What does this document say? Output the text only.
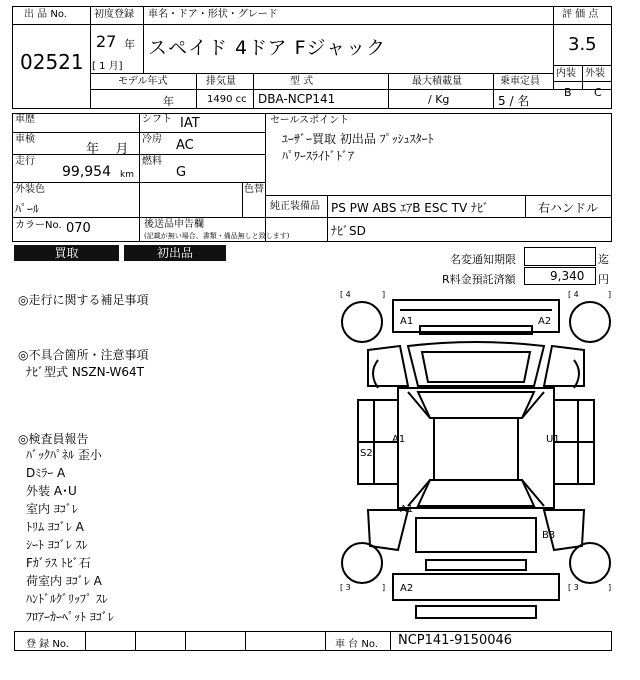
出 品 No.
02521
初度登録 車名・ドア・形状・グレード
27 年
[ 1 月]
スペイド 4ドア Fジャック
評 価 点
3.5
内装 外装
B C
モデル年式	排気量	型 式	最大積載量	乗車定員
年	1490 cc DBA-NCP141	/ Kg	5 / 名
車歴	シフト IAT
車検
年    月
冷房 AC
走行
99,954 km
燃料
G
セールスポイント
ﾕｰｻﾞｰ買取 初出品 ﾌﾟｯｼｭｽﾀｰﾄ
ﾊﾟﾜｰｽﾗｲﾄﾞﾄﾞｱ
外装色
ﾊﾟｰﾙ
色替
純正装備品 PS PW ABS ｴｱB ESC TV ﾅﾋﾞ	右ハンドル
カラーNo. 070	後送品申告欄
(記載が無い場合、書類・備品無しと致します)	ﾅﾋﾞSD
買取	初出品	名変通知期限	迄
R料金預託済額	9,340 円
◎走行に関する補足事項
◎不具合箇所・注意事項
ﾅﾋﾞ型式 NSZN-W64T
◎検査員報告
ﾊﾞｯｸﾊﾟﾈﾙ 歪小
Dﾐﾗｰ A
外装 A･U
室内 ﾖｺﾞﾚ
ﾄﾘﾑ ﾖｺﾞﾚ A
ｼｰﾄ ﾖｺﾞﾚ ｽﾚ
Fｶﾞﾗｽ ﾄﾋﾞ石
荷室内 ﾖｺﾞﾚ A
ﾊﾝﾄﾞﾙｸﾞﾘｯﾌﾟ ｽﾚ
ﾌﾛｱｰｶｰﾍﾟｯﾄ ﾖｺﾞﾚ
[ 4	]	[ 4	]
[ 3	]	[ 3	]
A1	A2
A1	U1
S2
A1
B3
A2
登 録 No.	車 台 No. NCP141-9150046
